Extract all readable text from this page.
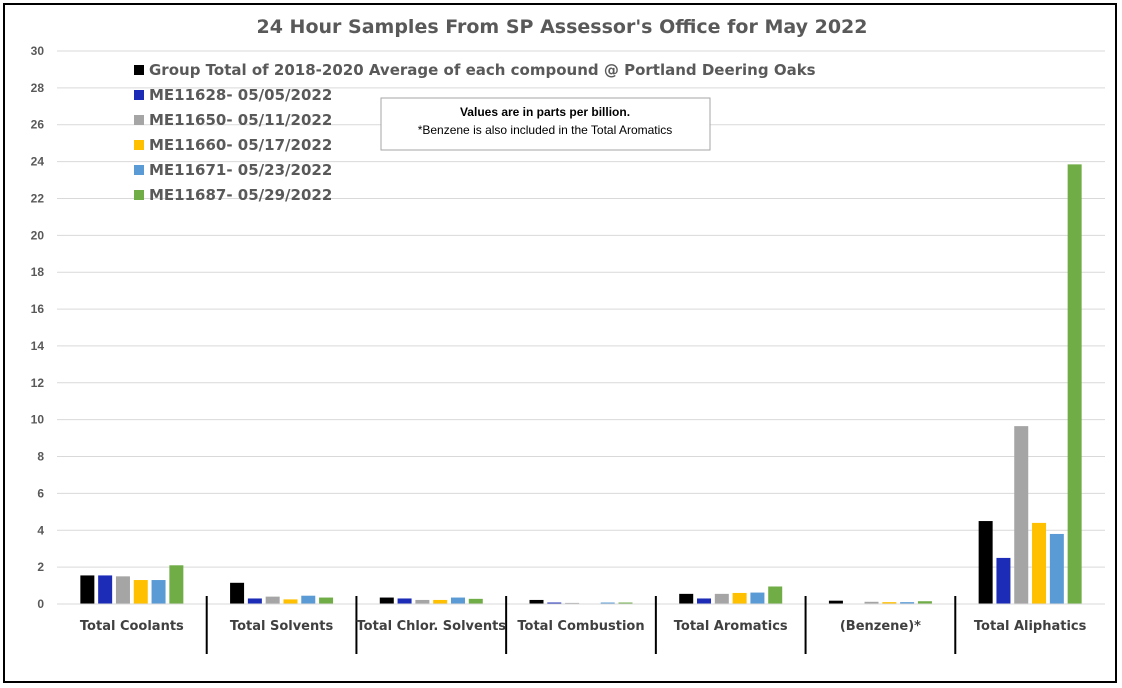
24 Hour Samples From SP Assessor's Office for May 2022
0
2
4
6
8
10
12
14
16
18
20
22
24
26
28
30
Total Coolants	Total Solvents Total Chlor. Solvents Total Combustion Total Aromatics	(Benzene)*	Total Aliphatics
Group Total of 2018-2020 Average of each compound @ Portland Deering Oaks
ME11628- 05/05/2022
ME11650- 05/11/2022
ME11660- 05/17/2022
ME11671- 05/23/2022
ME11687- 05/29/2022
Values are in parts per billion.
*Benzene is also included in the Total Aromatics
